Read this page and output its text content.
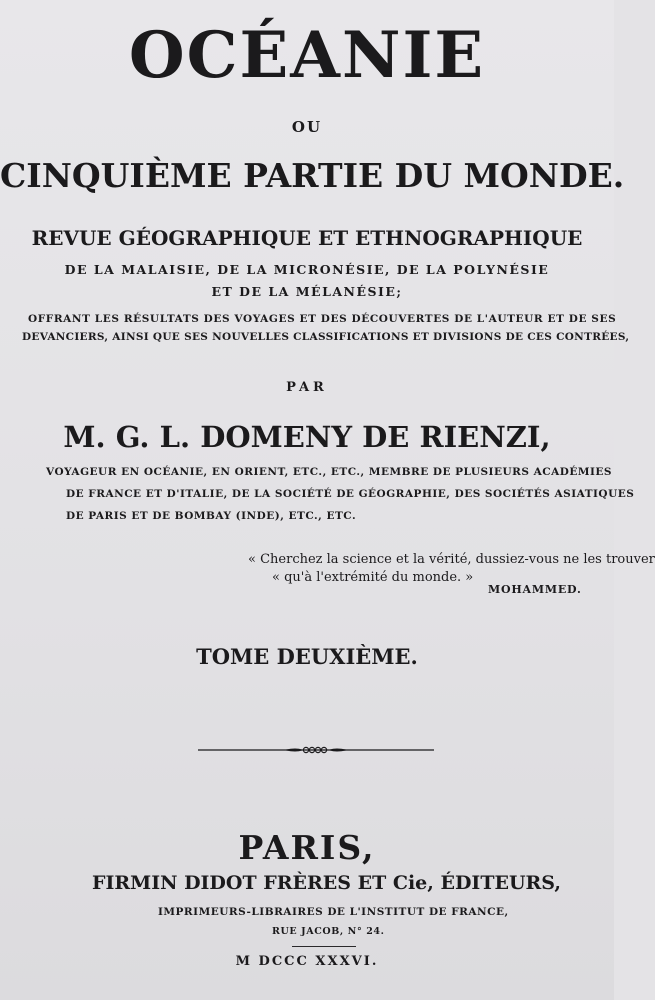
OCÉANIE
OU
CINQUIÈME PARTIE DU MONDE.
REVUE GÉOGRAPHIQUE ET ETHNOGRAPHIQUE
DE LA MALAISIE, DE LA MICRONÉSIE, DE LA POLYNÉSIE
ET DE LA MÉLANÉSIE;
OFFRANT LES RÉSULTATS DES VOYAGES ET DES DÉCOUVERTES DE L'AUTEUR ET DE SES
DEVANCIERS, AINSI QUE SES NOUVELLES CLASSIFICATIONS ET DIVISIONS DE CES CONTRÉES,
PAR
M. G. L. DOMENY DE RIENZI,
VOYAGEUR EN OCÉANIE, EN ORIENT, ETC., ETC., MEMBRE DE PLUSIEURS ACADÉMIES
DE FRANCE ET D'ITALIE, DE LA SOCIÉTÉ DE GÉOGRAPHIE, DES SOCIÉTÉS ASIATIQUES
DE PARIS ET DE BOMBAY (INDE), ETC., ETC.
« Cherchez la science et la vérité, dussiez-vous ne les trouver
« qu'à l'extrémité du monde. »
MOHAMMED.
TOME DEUXIÈME.
PARIS,
FIRMIN DIDOT FRÈRES ET Cie, ÉDITEURS,
IMPRIMEURS-LIBRAIRES DE L'INSTITUT DE FRANCE,
RUE JACOB, N° 24.
M DCCC XXXVI.
